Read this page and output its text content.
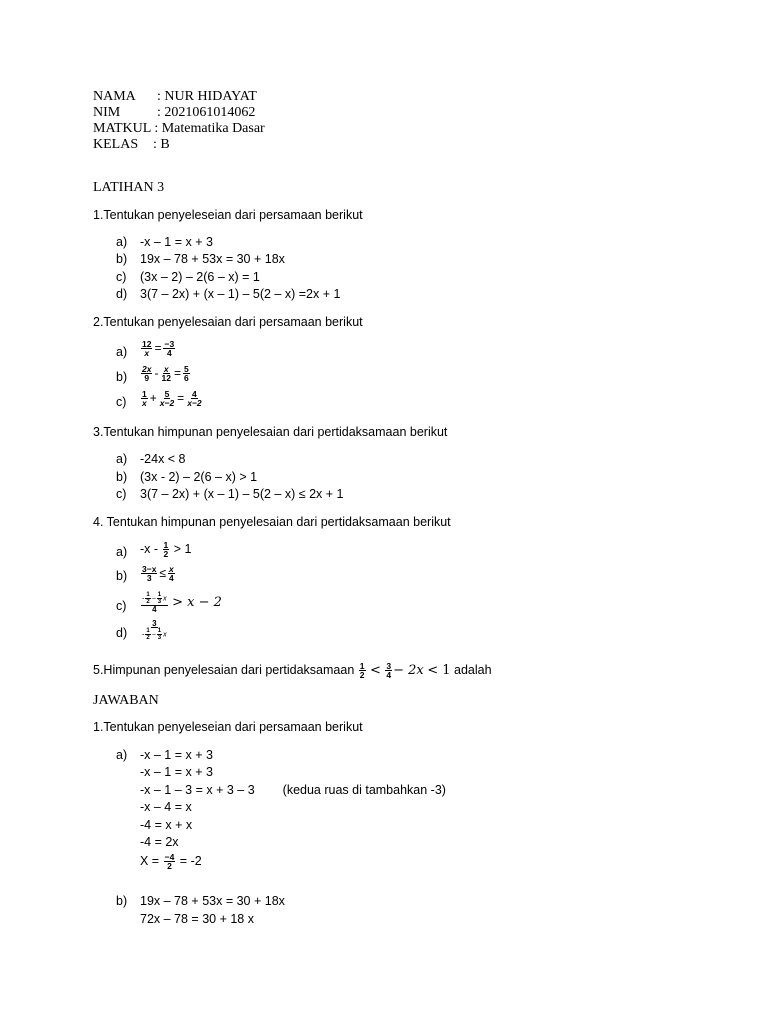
NAMA : NUR HIDAYAT
NIM	: 2021061014062
MATKUL : Matematika Dasar
KELAS : B
LATIHAN 3
1.Tentukan penyeleseian dari persamaan berikut
a) -x – 1 = x + 3
b) 19x – 78 + 53x = 30 + 18x
c) (3x – 2) – 2(6 – x) = 1
d) 3(7 – 2x) + (x – 1) – 5(2 – x) =2x + 1
2.Tentukan penyelesaian dari persamaan berikut
$a) \frac{12}{x} = \frac{-3}{4}$
$b) \frac{2x}{9} - \frac{x}{12} = \frac{5}{6}$
$c) \frac{1}{x} + \frac{5}{x-2} = \frac{4}{x-2}$
3.Tentukan himpunan penyelesaian dari pertidaksamaan berikut
a) -24x < 8
b) (3x - 2) – 2(6 – x) > 1
c) 3(7 – 2x) + (x – 1) – 5(2 – x) ≤ 2x + 1
4. Tentukan himpunan penyelesaian dari pertidaksamaan berikut
a) $-x - \frac{1}{2} > 1$
$b) \frac{3-x}{3} \le \frac{x}{4}$
$c) \frac{- \frac{1}{2} - \frac{1}{3} x}{4} > x - 2$
$d) \frac{3}{- \frac{1}{2} - \frac{1}{3} x}$
5.Himpunan penyelesaian dari pertidaksamaan $\frac{1}{2} < \frac{3}{4} - 2x < 1$ adalah
JAWABAN
1.Tentukan penyeleseian dari persamaan berikut
a) -x – 1 = x + 3
-x – 1 = x + 3
-x – 1 – 3 = x + 3 – 3 (kedua ruas di tambahkan -3)
-x – 4 = x
-4 = x + x
-4 = 2x
$X = \frac{-4}{2} = -2$
b) 19x – 78 + 53x = 30 + 18x
72x – 78 = 30 + 18 x
